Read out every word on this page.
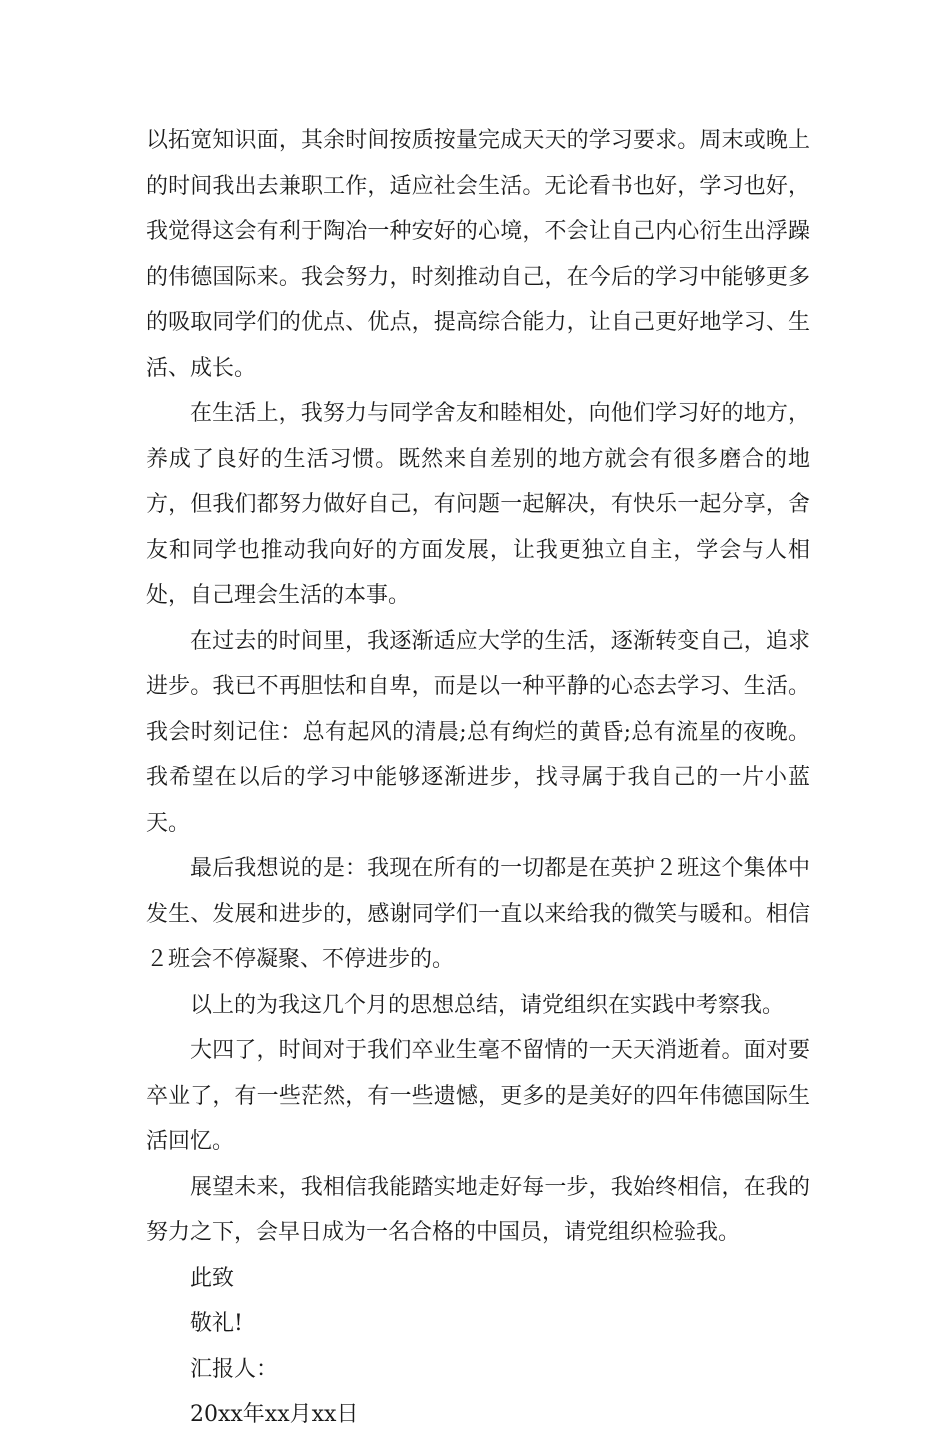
以拓宽知识面，其余时间按质按量完成天天的学习要求。周末或晚上的时间我出去兼职工作，适应社会生活。无论看书也好，学习也好，我觉得这会有利于陶冶一种安好的心境，不会让自己内心衍生出浮躁的伟德国际来。我会努力，时刻推动自己，在今后的学习中能够更多的吸取同学们的优点、优点，提高综合能力，让自己更好地学习、生活、成长。

在生活上，我努力与同学舍友和睦相处，向他们学习好的地方，养成了良好的生活习惯。既然来自差别的地方就会有很多磨合的地方，但我们都努力做好自己，有问题一起解决，有快乐一起分享，舍友和同学也推动我向好的方面发展，让我更独立自主，学会与人相处，自己理会生活的本事。

在过去的时间里，我逐渐适应大学的生活，逐渐转变自己，追求进步。我已不再胆怯和自卑，而是以一种平静的心态去学习、生活。我会时刻记住：总有起风的清晨;总有绚烂的黄昏;总有流星的夜晚。我希望在以后的学习中能够逐渐进步，找寻属于我自己的一片小蓝天。

最后我想说的是：我现在所有的一切都是在英护２班这个集体中发生、发展和进步的，感谢同学们一直以来给我的微笑与暖和。相信２班会不停凝聚、不停进步的。

以上的为我这几个月的思想总结，请党组织在实践中考察我。

大四了，时间对于我们卒业生毫不留情的一天天消逝着。面对要卒业了，有一些茫然，有一些遗憾，更多的是美好的四年伟德国际生活回忆。

展望未来，我相信我能踏实地走好每一步，我始终相信，在我的努力之下，会早日成为一名合格的中国员，请党组织检验我。

此致

敬礼!

汇报人：

20xx年xx月xx日
